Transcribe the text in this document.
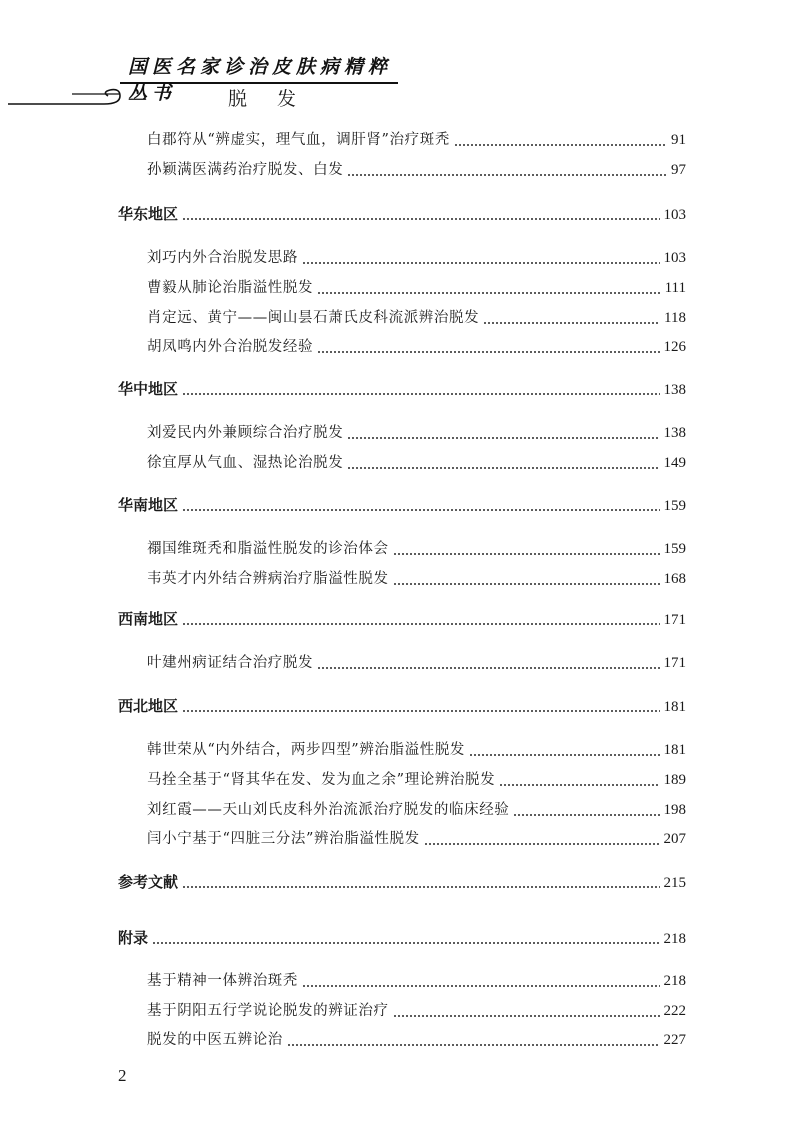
国医名家诊治皮肤病精粹丛书	脱 发
白郡符从“辨虚实，理气血，调肝肾”治疗斑秃	91
孙颖满医满药治疗脱发、白发	97
华东地区	103
刘巧内外合治脱发思路	103
曹毅从肺论治脂溢性脱发	111
肖定远、黄宁——闽山昙石萧氏皮科流派辨治脱发	118
胡凤鸣内外合治脱发经验	126
华中地区	138
刘爱民内外兼顾综合治疗脱发	138
徐宜厚从气血、湿热论治脱发	149
华南地区	159
禤国维斑秃和脂溢性脱发的诊治体会	159
韦英才内外结合辨病治疗脂溢性脱发	168
西南地区	171
叶建州病证结合治疗脱发	171
西北地区	181
韩世荣从“内外结合，两步四型”辨治脂溢性脱发	181
马拴全基于“肾其华在发、发为血之余”理论辨治脱发	189
刘红霞——天山刘氏皮科外治流派治疗脱发的临床经验	198
闫小宁基于“四脏三分法”辨治脂溢性脱发	207
参考文献	215
附录	218
基于精神一体辨治斑秃	218
基于阴阳五行学说论脱发的辨证治疗	222
脱发的中医五辨论治	227
2
